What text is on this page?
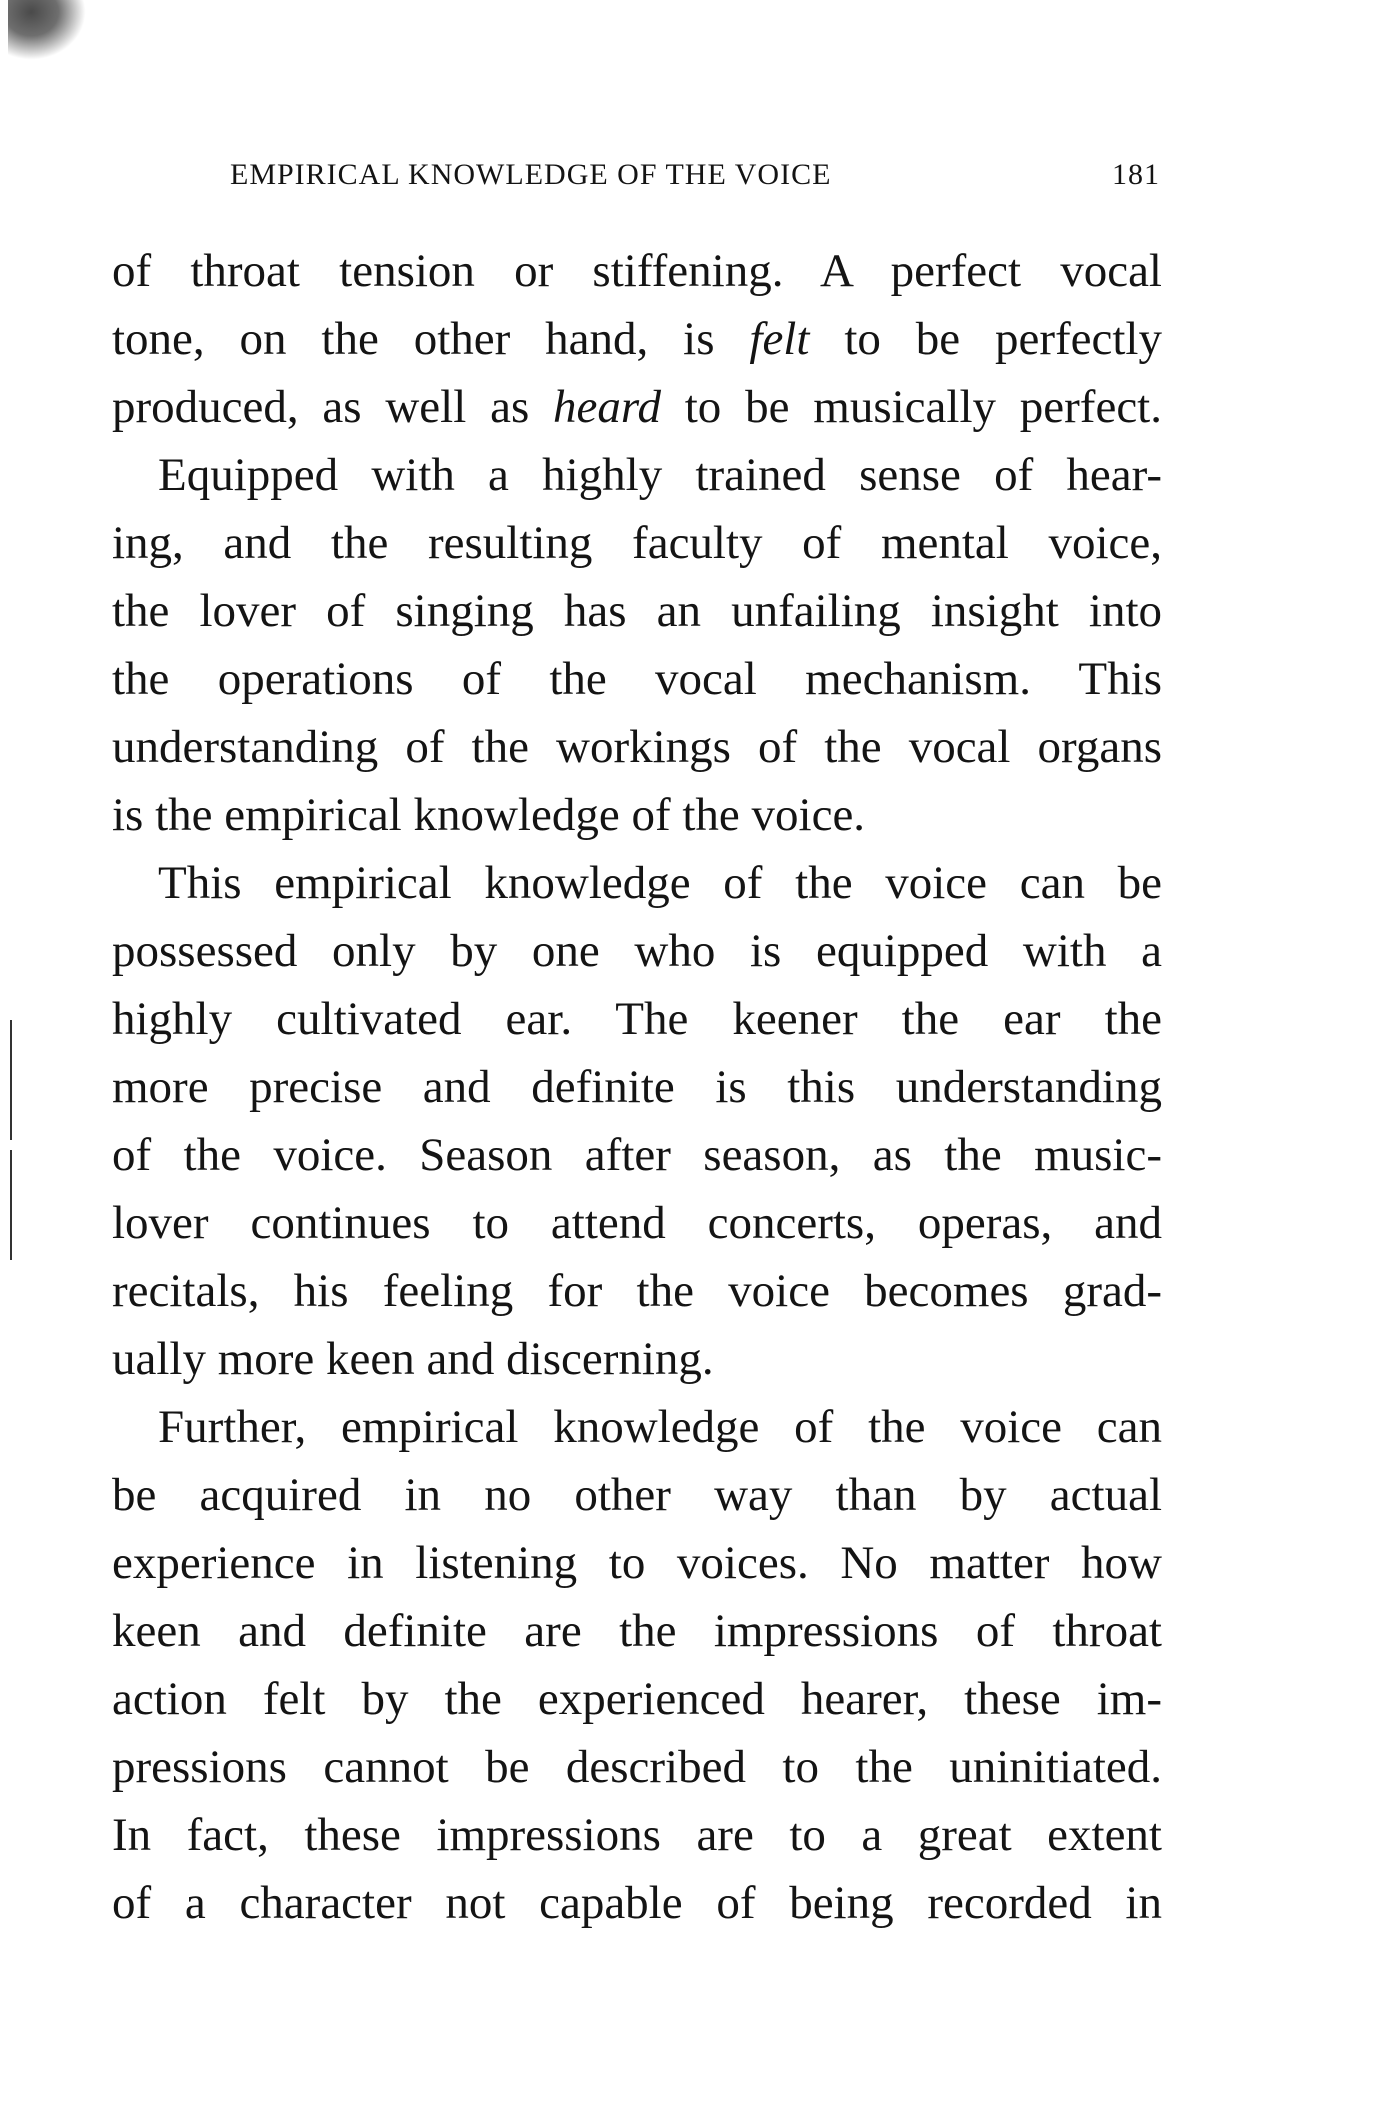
EMPIRICAL KNOWLEDGE OF THE VOICE	181
of throat tension or stiffening. A perfect vocal
tone, on the other hand, is felt to be perfectly
produced, as well as heard to be musically perfect.
Equipped with a highly trained sense of hear-
ing, and the resulting faculty of mental voice,
the lover of singing has an unfailing insight into
the operations of the vocal mechanism. This
understanding of the workings of the vocal organs
is the empirical knowledge of the voice.
This empirical knowledge of the voice can be
possessed only by one who is equipped with a
highly cultivated ear. The keener the ear the
more precise and definite is this understanding
of the voice. Season after season, as the music-
lover continues to attend concerts, operas, and
recitals, his feeling for the voice becomes grad-
ually more keen and discerning.
Further, empirical knowledge of the voice can
be acquired in no other way than by actual
experience in listening to voices. No matter how
keen and definite are the impressions of throat
action felt by the experienced hearer, these im-
pressions cannot be described to the uninitiated.
In fact, these impressions are to a great extent
of a character not capable of being recorded in
